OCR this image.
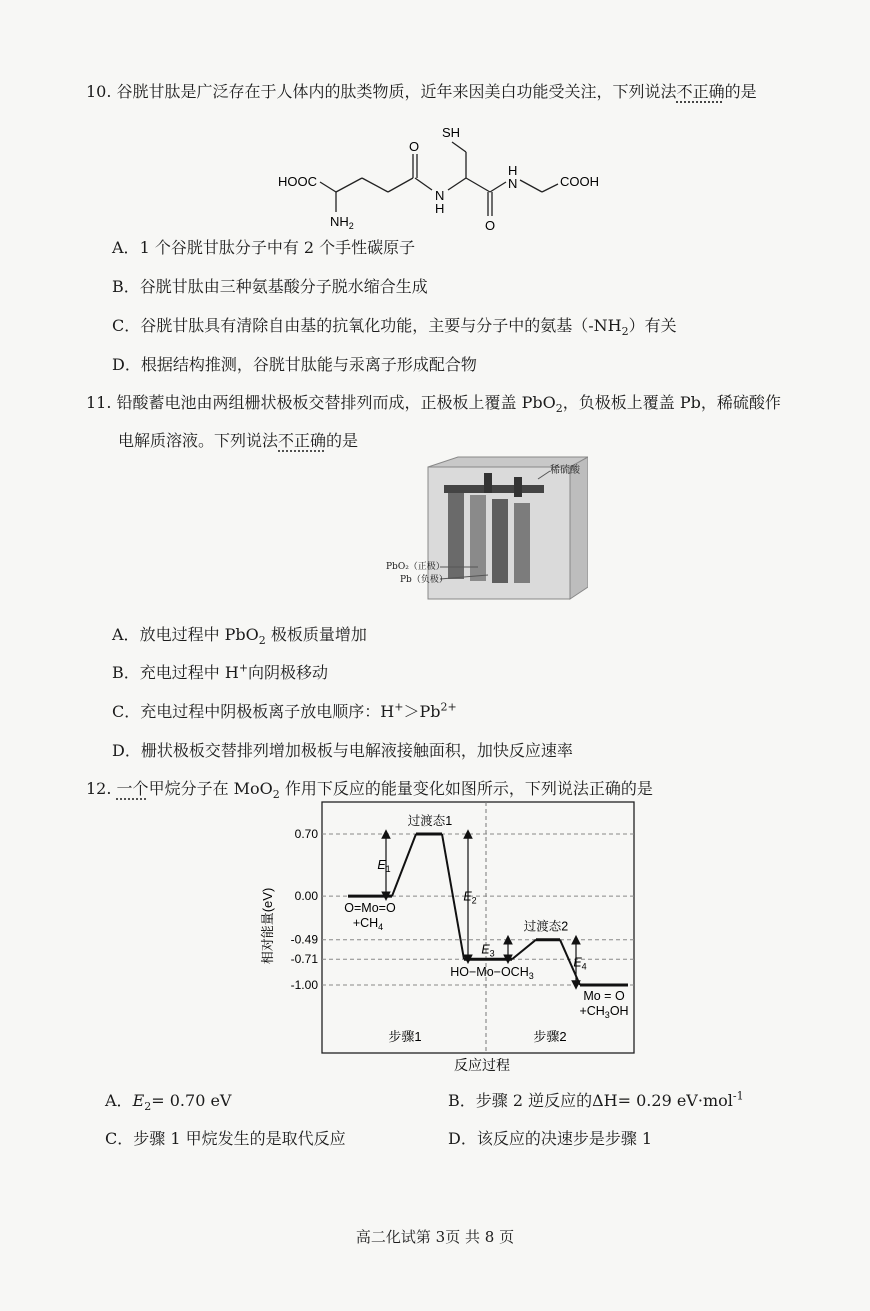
10. 谷胱甘肽是广泛存在于人体内的肽类物质，近年来因美白功能受关注，下列说法不正确的是
SH
HOOC
$NH_2$
O
N
H
O
H
N	COOH
A．1 个谷胱甘肽分子中有 2 个手性碳原子
B．谷胱甘肽由三种氨基酸分子脱水缩合生成
C．谷胱甘肽具有清除自由基的抗氧化功能，主要与分子中的氨基$(-NH_2)$有关
D．根据结构推测，谷胱甘肽能与汞离子形成配合物
11. 铅酸蓄电池由两组栅状极板交替排列而成，正极板上覆盖 PbO$_2$，负极板上覆盖 Pb，稀硫酸作
电解质溶液。下列说法不正确的是
稀硫酸
PbO₂（正极）
Pb（负极）
A．放电过程中 PbO$_2$ 极板质量增加
B．充电过程中 H+向阴极移动
C．充电过程中阴极板离子放电顺序：$H^+>Pb^{2+}$
D．栅状极板交替排列增加极板与电解液接触面积，加快反应速率
12. 一个甲烷分子在 MoO$_2$ 作用下反应的能量变化如图所示，下列说法正确的是
0.70
0.00
-0.49
-0.71
-1.00
O=Mo=O
$+CH_4$
过渡态1
$HO-Mo-OCH_3$
过渡态2
Mo = O
$+CH_3OH$
$E_1$
$E_2$
$E_3$
$E_4$
相对能量(eV)
反应过程
步骤1	步骤2
A．$E_2= 0.70$ eV	B．步骤 2 逆反应的ΔH= 0.29 eV·mol$^{-1}$
C．步骤 1 甲烷发生的是取代反应	D．该反应的决速步是步骤 1
高二化试第 3页 共 8 页
